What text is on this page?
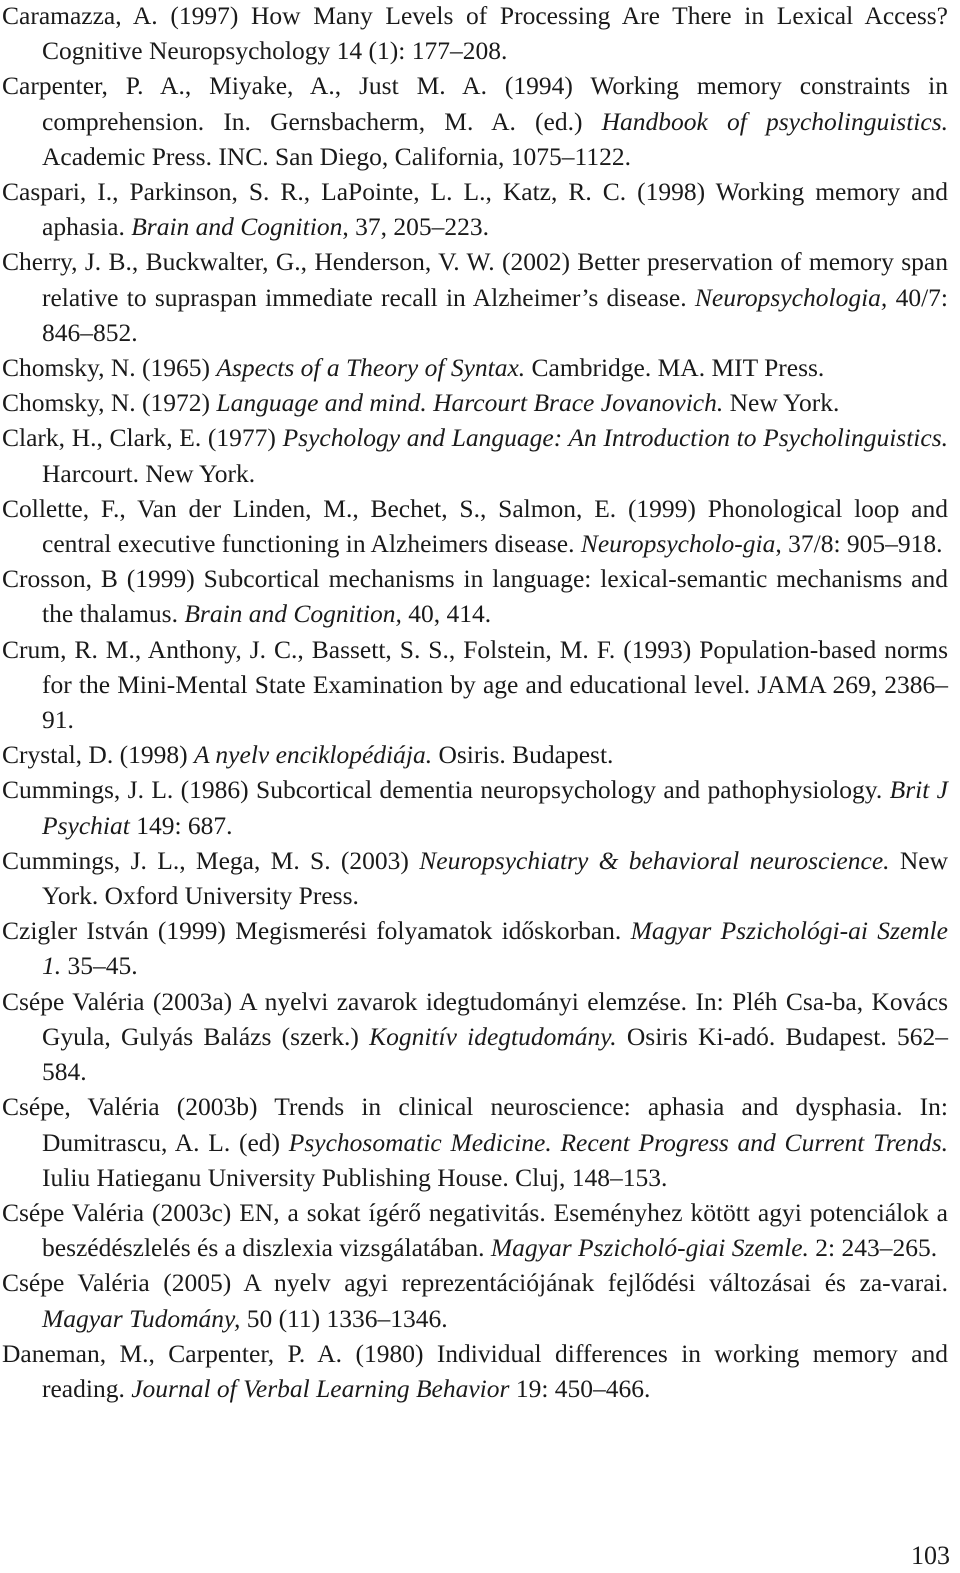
Caramazza, A. (1997) How Many Levels of Processing Are There in Lexical Access? Cognitive Neuropsychology 14 (1): 177–208.

Carpenter, P. A., Miyake, A., Just M. A. (1994) Working memory constraints in comprehension. In. Gernsbacherm, M. A. (ed.) Handbook of psycholinguistics. Academic Press. INC. San Diego, California, 1075–1122.

Caspari, I., Parkinson, S. R., LaPointe, L. L., Katz, R. C. (1998) Working memory and aphasia. Brain and Cognition, 37, 205–223.

Cherry, J. B., Buckwalter, G., Henderson, V. W. (2002) Better preservation of memory span relative to supraspan immediate recall in Alzheimer’s disease. Neuropsychologia, 40/7: 846–852.

Chomsky, N. (1965) Aspects of a Theory of Syntax. Cambridge. MA. MIT Press.

Chomsky, N. (1972) Language and mind. Harcourt Brace Jovanovich. New York.

Clark, H., Clark, E. (1977) Psychology and Language: An Introduction to Psycholinguistics. Harcourt. New York.

Collette, F., Van der Linden, M., Bechet, S., Salmon, E. (1999) Phonological loop and central executive functioning in Alzheimers disease. Neuropsycholo-gia, 37/8: 905–918.

Crosson, B (1999) Subcortical mechanisms in language: lexical-semantic mechanisms and the thalamus. Brain and Cognition, 40, 414.

Crum, R. M., Anthony, J. C., Bassett, S. S., Folstein, M. F. (1993) Population-based norms for the Mini-Mental State Examination by age and educational level. JAMA 269, 2386–91.

Crystal, D. (1998) A nyelv enciklopédiája. Osiris. Budapest.

Cummings, J. L. (1986) Subcortical dementia neuropsychology and pathophysiology. Brit J Psychiat 149: 687.

Cummings, J. L., Mega, M. S. (2003) Neuropsychiatry & behavioral neuroscience. New York. Oxford University Press.

Czigler István (1999) Megismerési folyamatok időskorban. Magyar Pszichológi-ai Szemle 1. 35–45.

Csépe Valéria (2003a) A nyelvi zavarok idegtudományi elemzése. In: Pléh Csa-ba, Kovács Gyula, Gulyás Balázs (szerk.) Kognitív idegtudomány. Osiris Ki-adó. Budapest. 562–584.

Csépe, Valéria (2003b) Trends in clinical neuroscience: aphasia and dysphasia. In: Dumitrascu, A. L. (ed) Psychosomatic Medicine. Recent Progress and Current Trends. Iuliu Hatieganu University Publishing House. Cluj, 148–153.

Csépe Valéria (2003c) EN, a sokat ígérő negativitás. Eseményhez kötött agyi potenciálok a beszédészlelés és a diszlexia vizsgálatában. Magyar Pszicholó-giai Szemle. 2: 243–265.

Csépe Valéria (2005) A nyelv agyi reprezentációjának fejlődési változásai és za-varai. Magyar Tudomány, 50 (11) 1336–1346.

Daneman, M., Carpenter, P. A. (1980) Individual differences in working memory and reading. Journal of Verbal Learning Behavior 19: 450–466.

103
